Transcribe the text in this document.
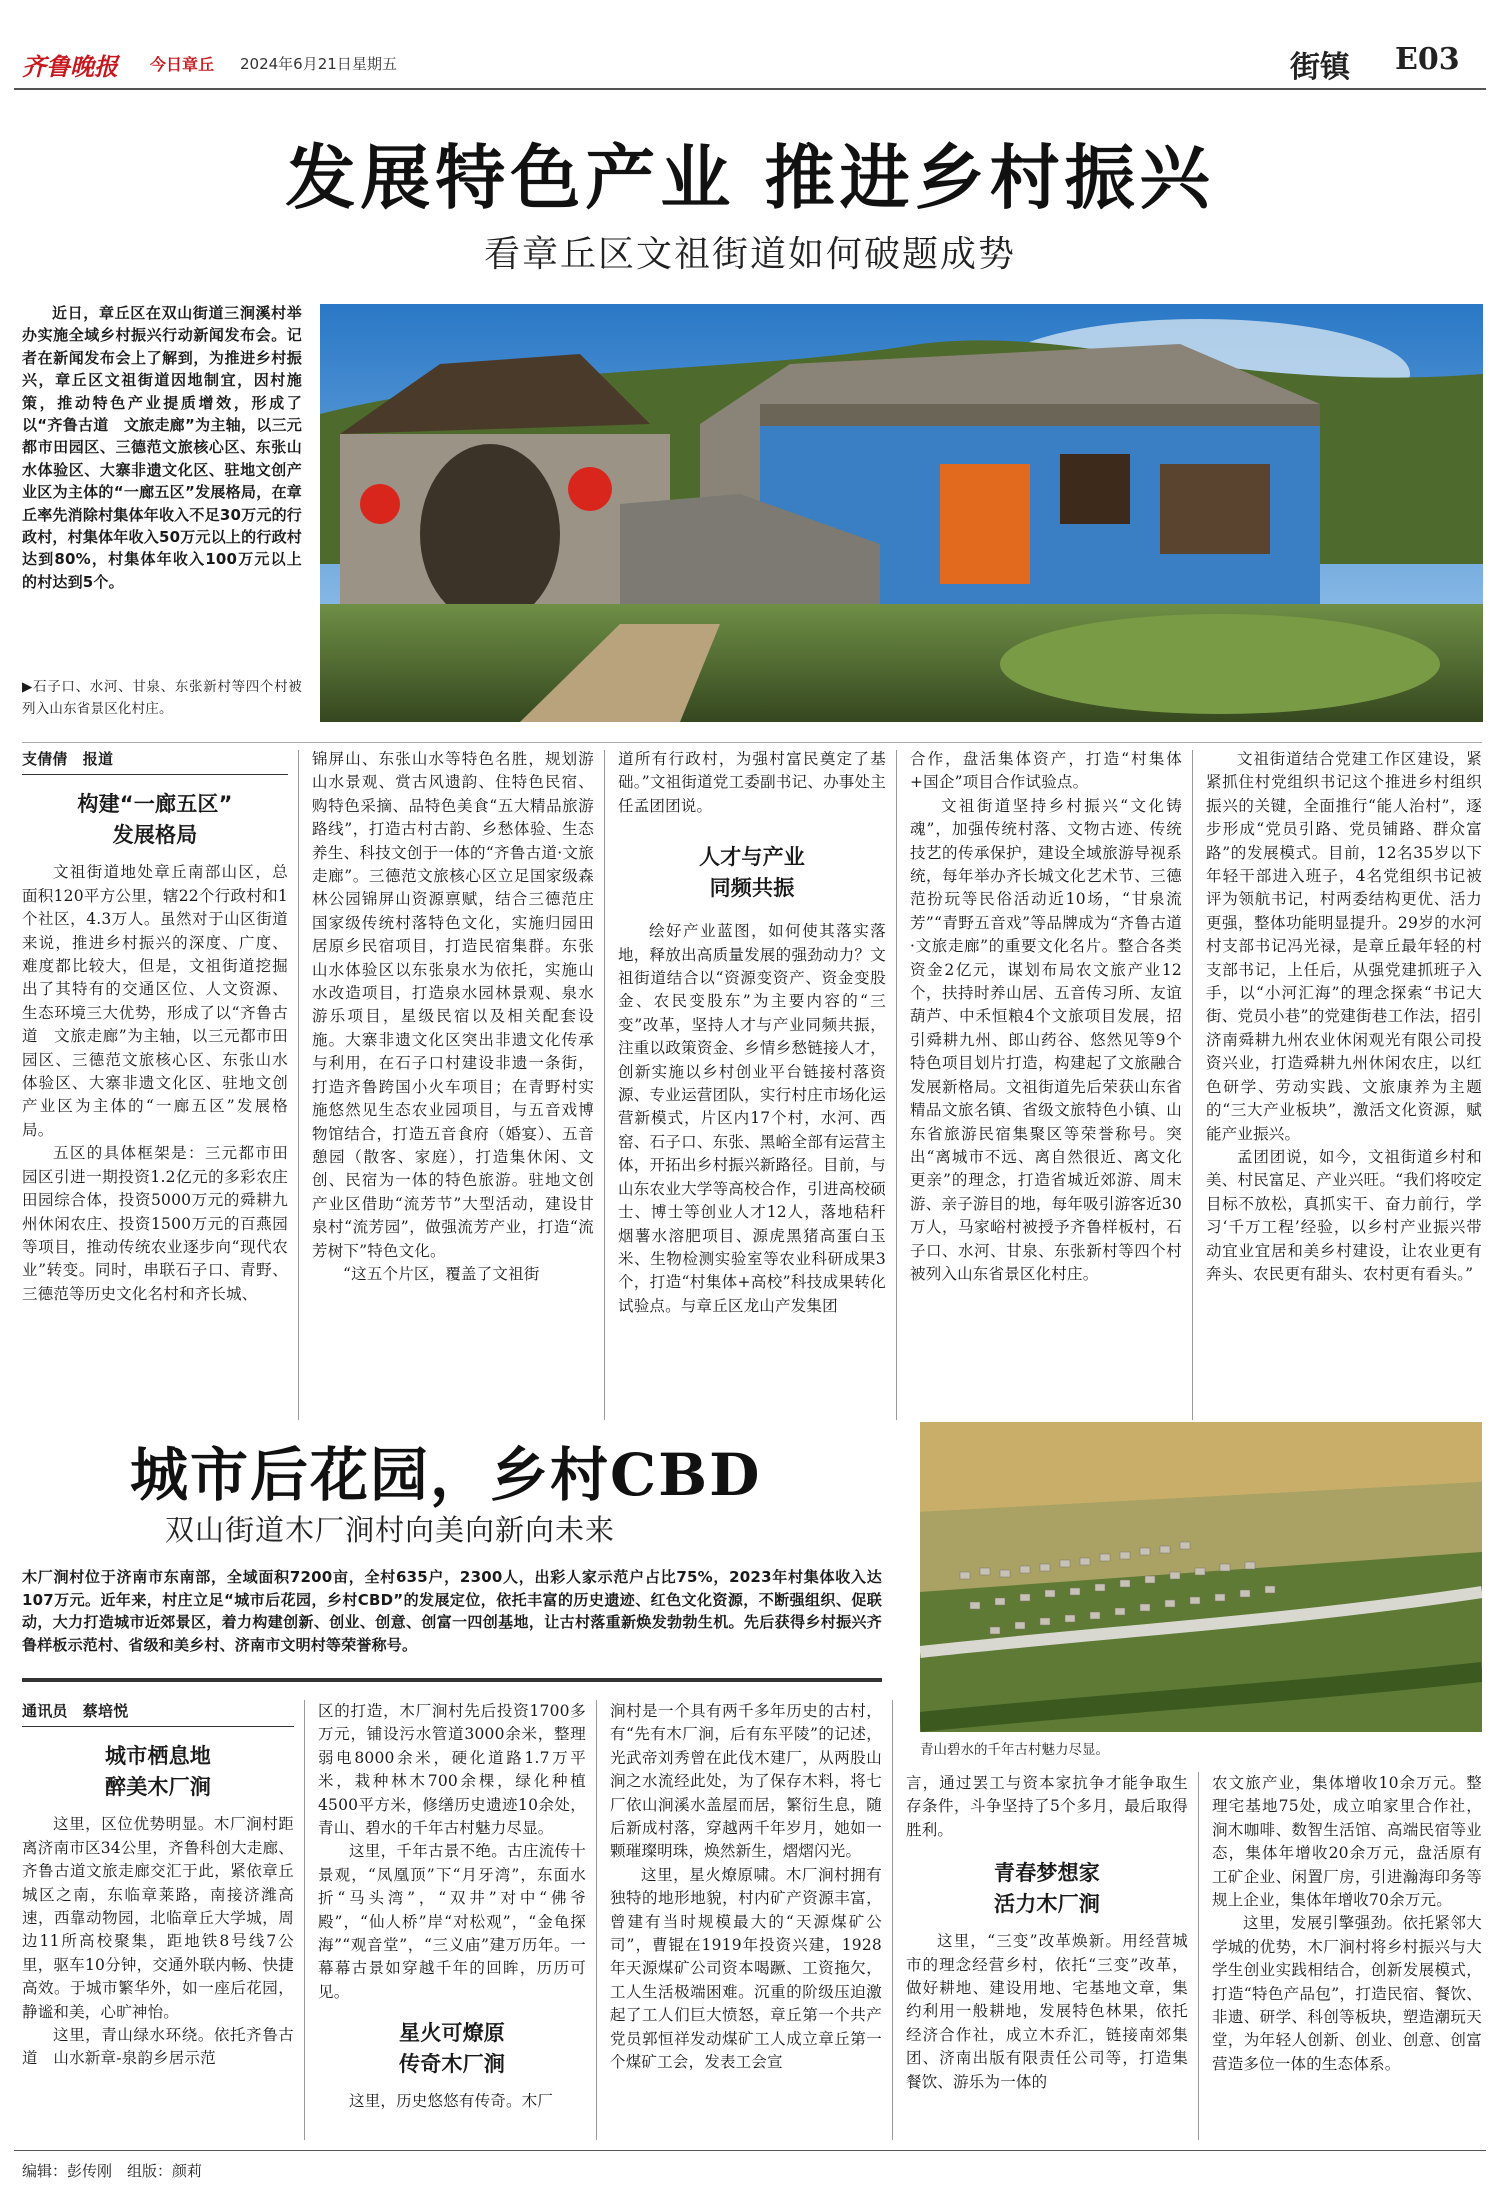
齐鲁晚报 今日章丘 2024年6月21日 星期五	街镇 E03
发展特色产业 推进乡村振兴
看章丘区文祖街道如何破题成势

近日，章丘区在双山街道三涧溪村举办实施全域乡村振兴行动新闻发布会。记者在新闻发布会上了解到，为推进乡村振兴，章丘区文祖街道因地制宜，因村施策，推动特色产业提质增效，形成了以“齐鲁古道　文旅走廊”为主轴，以三元都市田园区、三德范文旅核心区、东张山水体验区、大寨非遗文化区、驻地文创产业区为主体的“一廊五区”发展格局，在章丘率先消除村集体年收入不足30万元的行政村，村集体年收入50万元以上的行政村达到80%，村集体年收入100万元以上的村达到5个。

▶石子口、水河、甘泉、东张新村等四个村被列入山东省景区化村庄。

支倩倩　报道
构建“一廊五区”
发展格局

文祖街道地处章丘南部山区，总面积120平方公里，辖22个行政村和1个社区，4.3万人。虽然对于山区街道来说，推进乡村振兴的深度、广度、难度都比较大，但是，文祖街道挖掘出了其特有的交通区位、人文资源、生态环境三大优势，形成了以“齐鲁古道　文旅走廊”为主轴，以三元都市田园区、三德范文旅核心区、东张山水体验区、大寨非遗文化区、驻地文创产业区为主体的“一廊五区”发展格局。

五区的具体框架是：三元都市田园区引进一期投资1.2亿元的多彩农庄田园综合体，投资5000万元的舜耕九州休闲农庄、投资1500万元的百燕园等项目，推动传统农业逐步向“现代农业”转变。同时，串联石子口、青野、三德范等历史文化名村和齐长城、

锦屏山、东张山水等特色名胜，规划游山水景观、赏古风遗韵、住特色民宿、购特色采摘、品特色美食“五大精品旅游路线”，打造古村古韵、乡愁体验、生态养生、科技文创于一体的“齐鲁古道·文旅走廊”。三德范文旅核心区立足国家级森林公园锦屏山资源禀赋，结合三德范庄国家级传统村落特色文化，实施归园田居原乡民宿项目，打造民宿集群。东张山水体验区以东张泉水为依托，实施山水改造项目，打造泉水园林景观、泉水游乐项目，星级民宿以及相关配套设施。大寨非遗文化区突出非遗文化传承与利用，在石子口村建设非遗一条街，打造齐鲁跨国小火车项目；在青野村实施悠然见生态农业园项目，与五音戏博物馆结合，打造五音食府（婚宴）、五音憩园（散客、家庭），打造集休闲、文创、民宿为一体的特色旅游。驻地文创产业区借助“流芳节”大型活动，建设甘泉村“流芳园”，做强流芳产业，打造“流芳树下”特色文化。

“这五个片区，覆盖了文祖街

道所有行政村，为强村富民奠定了基础。”文祖街道党工委副书记、办事处主任孟团团说。

人才与产业
同频共振

绘好产业蓝图，如何使其落实落地，释放出高质量发展的强劲动力？文祖街道结合以“资源变资产、资金变股金、农民变股东”为主要内容的“三变”改革，坚持人才与产业同频共振，注重以政策资金、乡情乡愁链接人才，创新实施以乡村创业平台链接村落资源、专业运营团队，实行村庄市场化运营新模式，片区内17个村，水河、西窑、石子口、东张、黑峪全部有运营主体，开拓出乡村振兴新路径。目前，与山东农业大学等高校合作，引进高校硕士、博士等创业人才12人，落地秸秆烟薯水溶肥项目、源虎黑猪高蛋白玉米、生物检测实验室等农业科研成果3个，打造“村集体+高校”科技成果转化试验点。与章丘区龙山产发集团

合作，盘活集体资产，打造“村集体+国企”项目合作试验点。

文祖街道坚持乡村振兴“文化铸魂”，加强传统村落、文物古迹、传统技艺的传承保护，建设全域旅游导视系统，每年举办齐长城文化艺术节、三德范扮玩等民俗活动近10场，“甘泉流芳”“青野五音戏”等品牌成为“齐鲁古道·文旅走廊”的重要文化名片。整合各类资金2亿元，谋划布局农文旅产业12个，扶持时养山居、五音传习所、友谊葫芦、中禾恒粮4个文旅项目发展，招引舜耕九州、郎山药谷、悠然见等9个特色项目划片打造，构建起了文旅融合发展新格局。文祖街道先后荣获山东省精品文旅名镇、省级文旅特色小镇、山东省旅游民宿集聚区等荣誉称号。突出“离城市不远、离自然很近、离文化更亲”的理念，打造省城近郊游、周末游、亲子游目的地，每年吸引游客近30万人，马家峪村被授予齐鲁样板村，石子口、水河、甘泉、东张新村等四个村被列入山东省景区化村庄。

文祖街道结合党建工作区建设，紧紧抓住村党组织书记这个推进乡村组织振兴的关键，全面推行“能人治村”，逐步形成“党员引路、党员铺路、群众富路”的发展模式。目前，12名35岁以下年轻干部进入班子，4名党组织书记被评为领航书记，村两委结构更优、活力更强，整体功能明显提升。29岁的水河村支部书记冯光禄，是章丘最年轻的村支部书记，上任后，从强党建抓班子入手，以“小河汇海”的理念探索“书记大街、党员小巷”的党建街巷工作法，招引济南舜耕九州农业休闲观光有限公司投资兴业，打造舜耕九州休闲农庄，以红色研学、劳动实践、文旅康养为主题的“三大产业板块”，激活文化资源，赋能产业振兴。

孟团团说，如今，文祖街道乡村和美、村民富足、产业兴旺。“我们将咬定目标不放松，真抓实干、奋力前行，学习‘千万工程’经验，以乡村产业振兴带动宜业宜居和美乡村建设，让农业更有奔头、农民更有甜头、农村更有看头。”

城市后花园，乡村CBD
双山街道木厂涧村向美向新向未来

木厂涧村位于济南市东南部，全域面积7200亩，全村635户，2300人，出彩人家示范户占比75%，2023年村集体收入达107万元。近年来，村庄立足“城市后花园，乡村CBD”的发展定位，依托丰富的历史遗迹、红色文化资源，不断强组织、促联动，大力打造城市近郊景区，着力构建创新、创业、创意、创富一四创基地，让古村落重新焕发勃勃生机。先后获得乡村振兴齐鲁样板示范村、省级和美乡村、济南市文明村等荣誉称号。

青山碧水的千年古村魅力尽显。
通讯员　蔡培悦
城市栖息地
醉美木厂涧

这里，区位优势明显。木厂涧村距离济南市区34公里，齐鲁科创大走廊、齐鲁古道文旅走廊交汇于此，紧依章丘城区之南，东临章莱路，南接济潍高速，西靠动物园，北临章丘大学城，周边11所高校聚集，距地铁8号线7公里，驱车10分钟，交通外联内畅、快捷高效。于城市繁华外，如一座后花园，静谧和美，心旷神怡。

这里，青山绿水环绕。依托齐鲁古道　山水新章-泉韵乡居示范

区的打造，木厂涧村先后投资1700多万元，铺设污水管道3000余米，整理弱电8000余米，硬化道路1.7万平米，栽种林木700余棵，绿化种植4500平方米，修缮历史遗迹10余处，青山、碧水的千年古村魅力尽显。

这里，千年古景不绝。古庄流传十景观，“凤凰顶”下“月牙湾”，东面水折“马头湾”，“双井”对中“佛爷殿”，“仙人桥”岸“对松观”，“金龟探海”“观音堂”，“三义庙”建万历年。一幕幕古景如穿越千年的回眸，历历可见。

星火可燎原
传奇木厂涧

这里，历史悠悠有传奇。木厂

涧村是一个具有两千多年历史的古村，有“先有木厂涧，后有东平陵”的记述，光武帝刘秀曾在此伐木建厂，从两股山涧之水流经此处，为了保存木料，将七厂依山涧溪水盖屋而居，繁衍生息，随后新成村落，穿越两千年岁月，她如一颗璀璨明珠，焕然新生，熠熠闪光。

这里，星火燎原啸。木厂涧村拥有独特的地形地貌，村内矿产资源丰富，曾建有当时规模最大的“天源煤矿公司”，曹锟在1919年投资兴建，1928年天源煤矿公司资本喝蹶、工资拖欠，工人生活极端困难。沉重的阶级压迫激起了工人们巨大愤怒，章丘第一个共产党员郭恒祥发动煤矿工人成立章丘第一个煤矿工会，发表工会宣

言，通过罢工与资本家抗争才能争取生存条件，斗争坚持了5个多月，最后取得胜利。

青春梦想家
活力木厂涧

这里，“三变”改革焕新。用经营城市的理念经营乡村，依托“三变”改革，做好耕地、建设用地、宅基地文章，集约利用一般耕地，发展特色林果，依托经济合作社，成立木乔汇，链接南郊集团、济南出版有限责任公司等，打造集餐饮、游乐为一体的

农文旅产业，集体增收10余万元。整理宅基地75处，成立咱家里合作社，涧木咖啡、数智生活馆、高端民宿等业态，集体年增收20余万元，盘活原有工矿企业、闲置厂房，引进瀚海印务等规上企业，集体年增收70余万元。

这里，发展引擎强劲。依托紧邻大学城的优势，木厂涧村将乡村振兴与大学生创业实践相结合，创新发展模式，打造“特色产品包”，打造民宿、餐饮、非遗、研学、科创等板块，塑造潮玩天堂，为年轻人创新、创业、创意、创富营造多位一体的生态体系。

编辑：彭传刚　组版：颜莉
